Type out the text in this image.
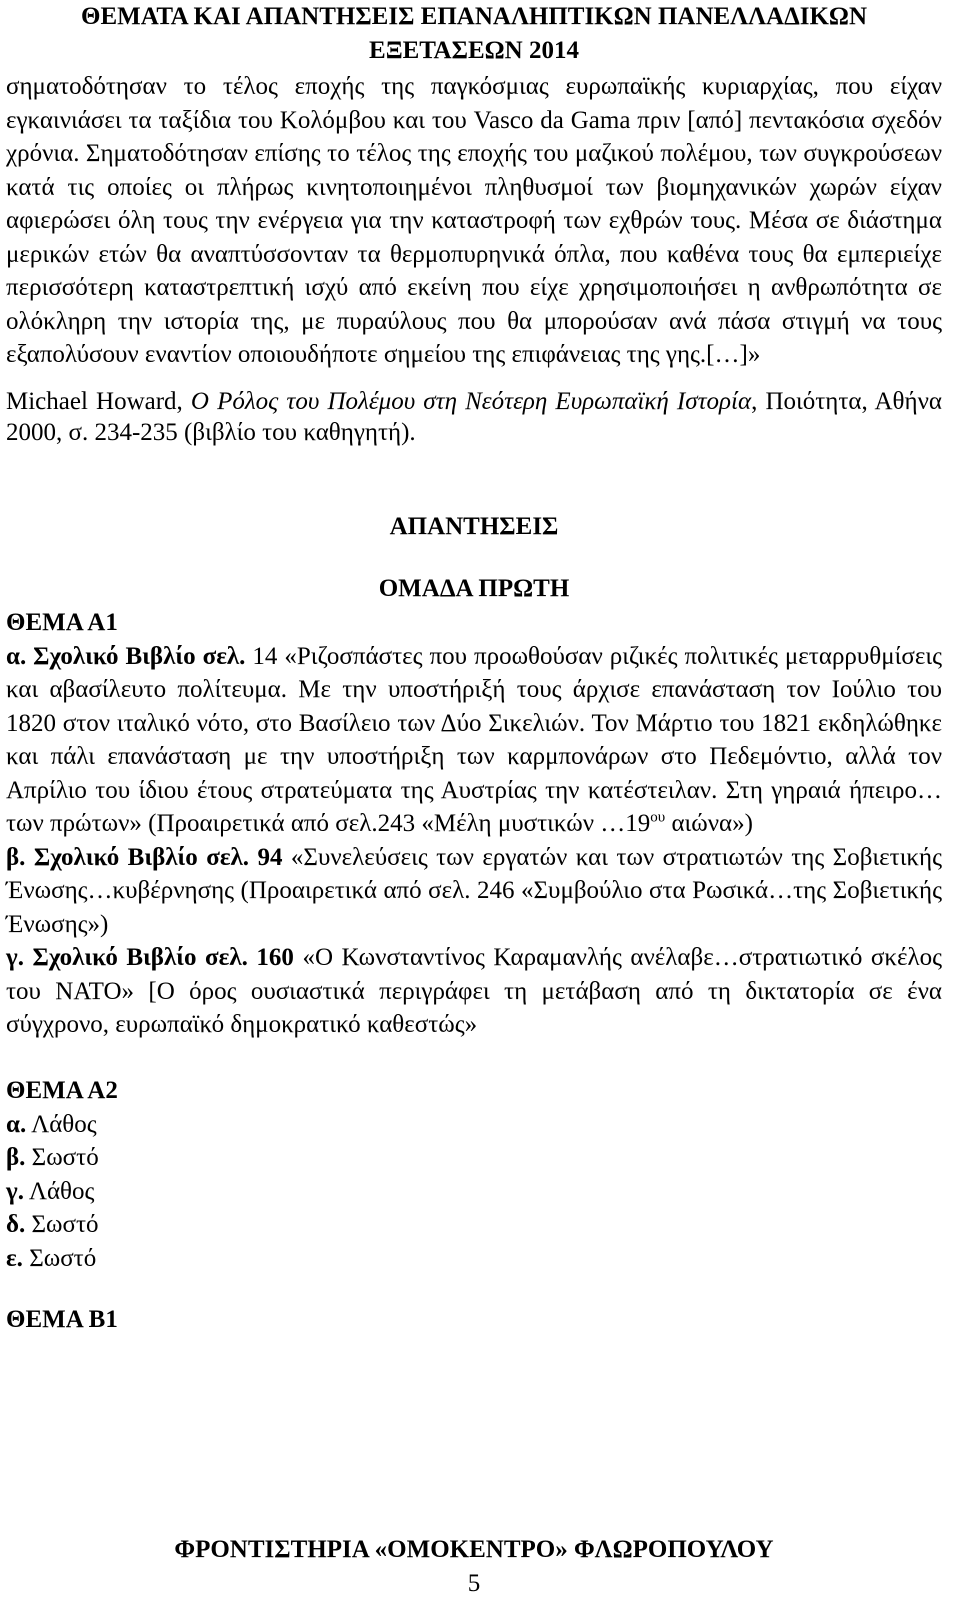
ΘΕΜΑΤΑ ΚΑΙ ΑΠΑΝΤΗΣΕΙΣ ΕΠΑΝΑΛΗΠΤΙΚΩΝ ΠΑΝΕΛΛΑΔΙΚΩΝ
ΕΞΕΤΑΣΕΩΝ 2014

σηματοδότησαν το τέλος εποχής της παγκόσμιας ευρωπαϊκής κυριαρχίας, που είχαν εγκαινιάσει τα ταξίδια του Κολόμβου και του Vasco da Gama πριν [από] πεντακόσια σχεδόν χρόνια. Σηματοδότησαν επίσης το τέλος της εποχής του μαζικού πολέμου, των συγκρούσεων κατά τις οποίες οι πλήρως κινητοποιημένοι πληθυσμοί των βιομηχανικών χωρών είχαν αφιερώσει όλη τους την ενέργεια για την καταστροφή των εχθρών τους. Μέσα σε διάστημα μερικών ετών θα αναπτύσσονταν τα θερμοπυρηνικά όπλα, που καθένα τους θα εμπεριείχε περισσότερη καταστρεπτική ισχύ από εκείνη που είχε χρησιμοποιήσει η ανθρωπότητα σε ολόκληρη την ιστορία της, με πυραύλους που θα μπορούσαν ανά πάσα στιγμή να τους εξαπολύσουν εναντίον οποιουδήποτε σημείου της επιφάνειας της γης.[…]»

Michael Howard, Ο Ρόλος του Πολέμου στη Νεότερη Ευρωπαϊκή Ιστορία, Ποιότητα, Αθήνα 2000, σ. 234-235 (βιβλίο του καθηγητή).

ΑΠΑΝΤΗΣΕΙΣ
ΟΜΑΔΑ ΠΡΩΤΗ
ΘΕΜΑ Α1

α. Σχολικό Βιβλίο σελ. 14 «Ριζοσπάστες που προωθούσαν ριζικές πολιτικές μεταρρυθμίσεις και αβασίλευτο πολίτευμα. Με την υποστήριξή τους άρχισε επανάσταση τον Ιούλιο του 1820 στον ιταλικό νότο, στο Βασίλειο των Δύο Σικελιών. Τον Μάρτιο του 1821 εκδηλώθηκε και πάλι επανάσταση με την υποστήριξη των καρμπονάρων στο Πεδεμόντιο, αλλά τον Απρίλιο του ίδιου έτους στρατεύματα της Αυστρίας την κατέστειλαν. Στη γηραιά ήπειρο…των πρώτων» (Προαιρετικά από σελ.243 «Μέλη μυστικών $\dots 19^{o\upsilon}$ αιώνα»)

β. Σχολικό Βιβλίο σελ. 94 «Συνελεύσεις των εργατών και των στρατιωτών της Σοβιετικής Ένωσης…κυβέρνησης (Προαιρετικά από σελ. 246 «Συμβούλιο στα Ρωσικά…της Σοβιετικής Ένωσης»)

γ. Σχολικό Βιβλίο σελ. 160 «Ο Κωνσταντίνος Καραμανλής ανέλαβε…στρατιωτικό σκέλος του ΝΑΤΟ» [Ο όρος ουσιαστικά περιγράφει τη μετάβαση από τη δικτατορία σε ένα σύγχρονο, ευρωπαϊκό δημοκρατικό καθεστώς»

ΘΕΜΑ Α2
α. Λάθος
β. Σωστό
γ. Λάθος
δ. Σωστό
ε. Σωστό
ΘΕΜΑ Β1
ΦΡΟΝΤΙΣΤΗΡΙΑ «ΟΜΟΚΕΝΤΡΟ» ΦΛΩΡΟΠΟΥΛΟΥ
5
